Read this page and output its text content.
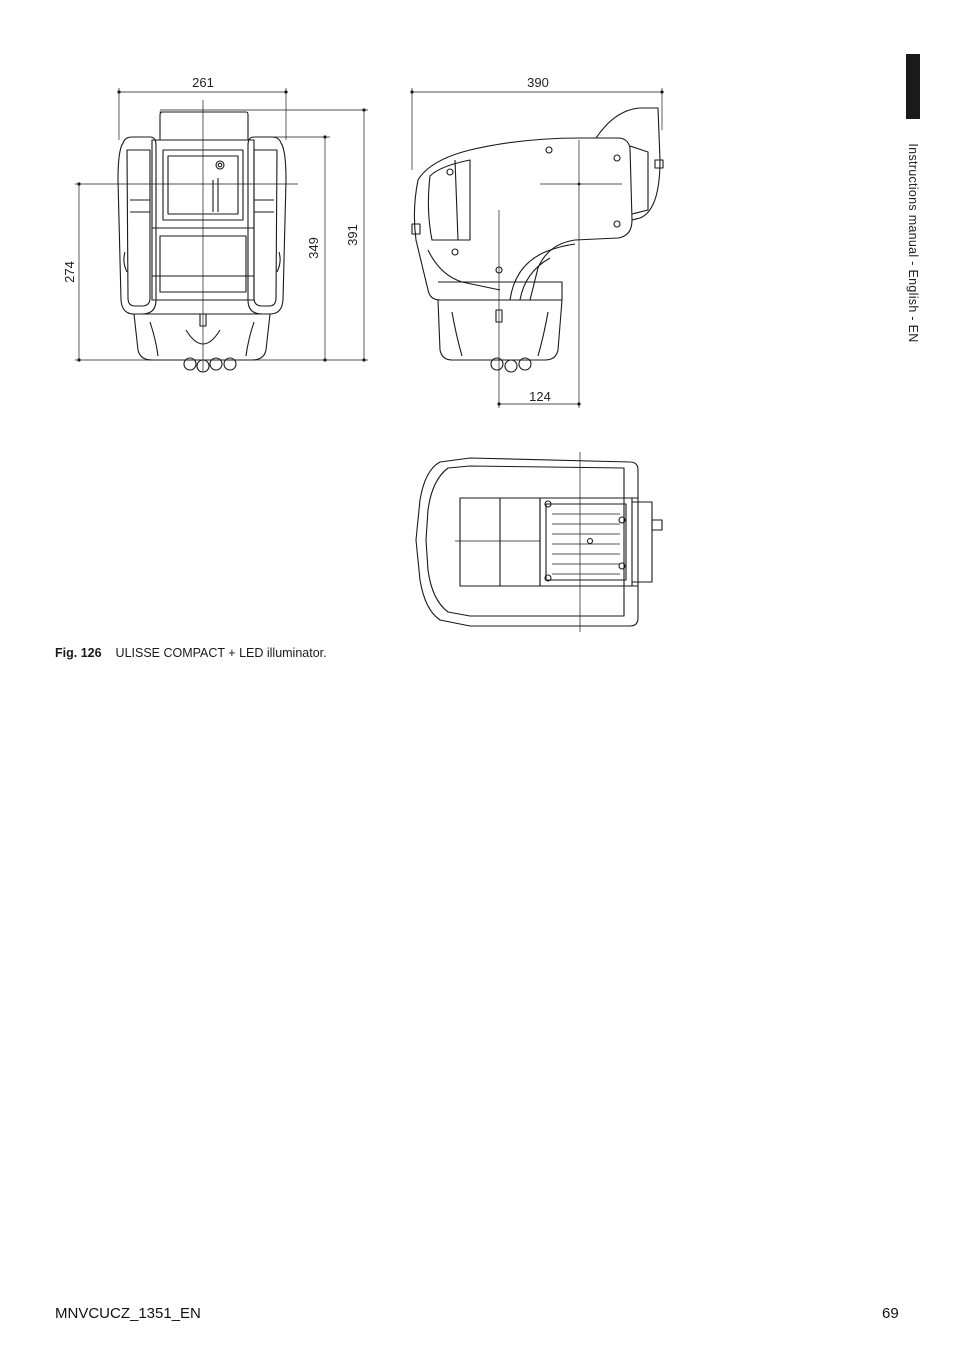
Instructions manual - English - EN
261
274
349
391
390
124
Fig. 126 ULISSE COMPACT + LED illuminator.
MNVCUCZ_1351_EN	69
